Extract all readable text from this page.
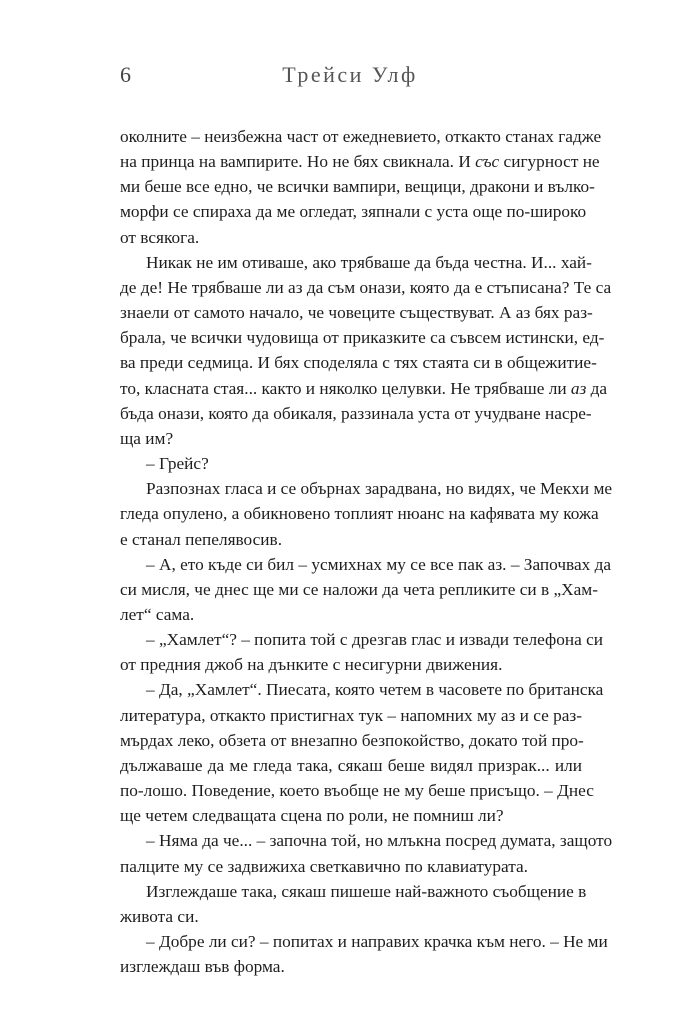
6	Трейси Улф

околните – неизбежна част от ежедневието, откакто станах гадже
на принца на вампирите. Но не бях свикнала. И със сигурност не
ми беше все едно, че всички вампири, вещици, дракони и вълко-
морфи се спираха да ме огледат, зяпнали с уста още по-широко
от всякога.

Никак не им отиваше, ако трябваше да бъда честна. И... хай-
де де! Не трябваше ли аз да съм онази, която да е стъписана? Те са
знаели от самото начало, че човеците съществуват. А аз бях раз-
брала, че всички чудовища от приказките са съвсем истински, ед-
ва преди седмица. И бях споделяла с тях стаята си в общежитие-
то, класната стая... както и няколко целувки. Не трябваше ли аз да
бъда онази, която да обикаля, раззинала уста от учудване насре-
ща им?

– Грейс?

Разпознах гласа и се обърнах зарадвана, но видях, че Мекхи ме
гледа опулено, а обикновено топлият нюанс на кафявата му кожа
е станал пепелявосив.

– А, ето къде си бил – усмихнах му се все пак аз. – Започвах да
си мисля, че днес ще ми се наложи да чета репликите си в „Хам-
лет“ сама.

– „Хамлет“? – попита той с дрезгав глас и извади телефона си
от предния джоб на дънките с несигурни движения.

– Да, „Хамлет“. Пиесата, която четем в часовете по британска
литература, откакто пристигнах тук – напомних му аз и се раз-
мърдах леко, обзета от внезапно безпокойство, докато той про-
дължаваше да ме гледа така, сякаш беше видял призрак... или
по-лошо. Поведение, което въобще не му беше присъщо. – Днес
ще четем следващата сцена по роли, не помниш ли?

– Няма да че... – започна той, но млъкна посред думата, защото
палците му се задвижиха светкавично по клавиатурата.

Изглеждаше така, сякаш пишеше най-важното съобщение в
живота си.

– Добре ли си? – попитах и направих крачка към него. – Не ми
изглеждаш във форма.
